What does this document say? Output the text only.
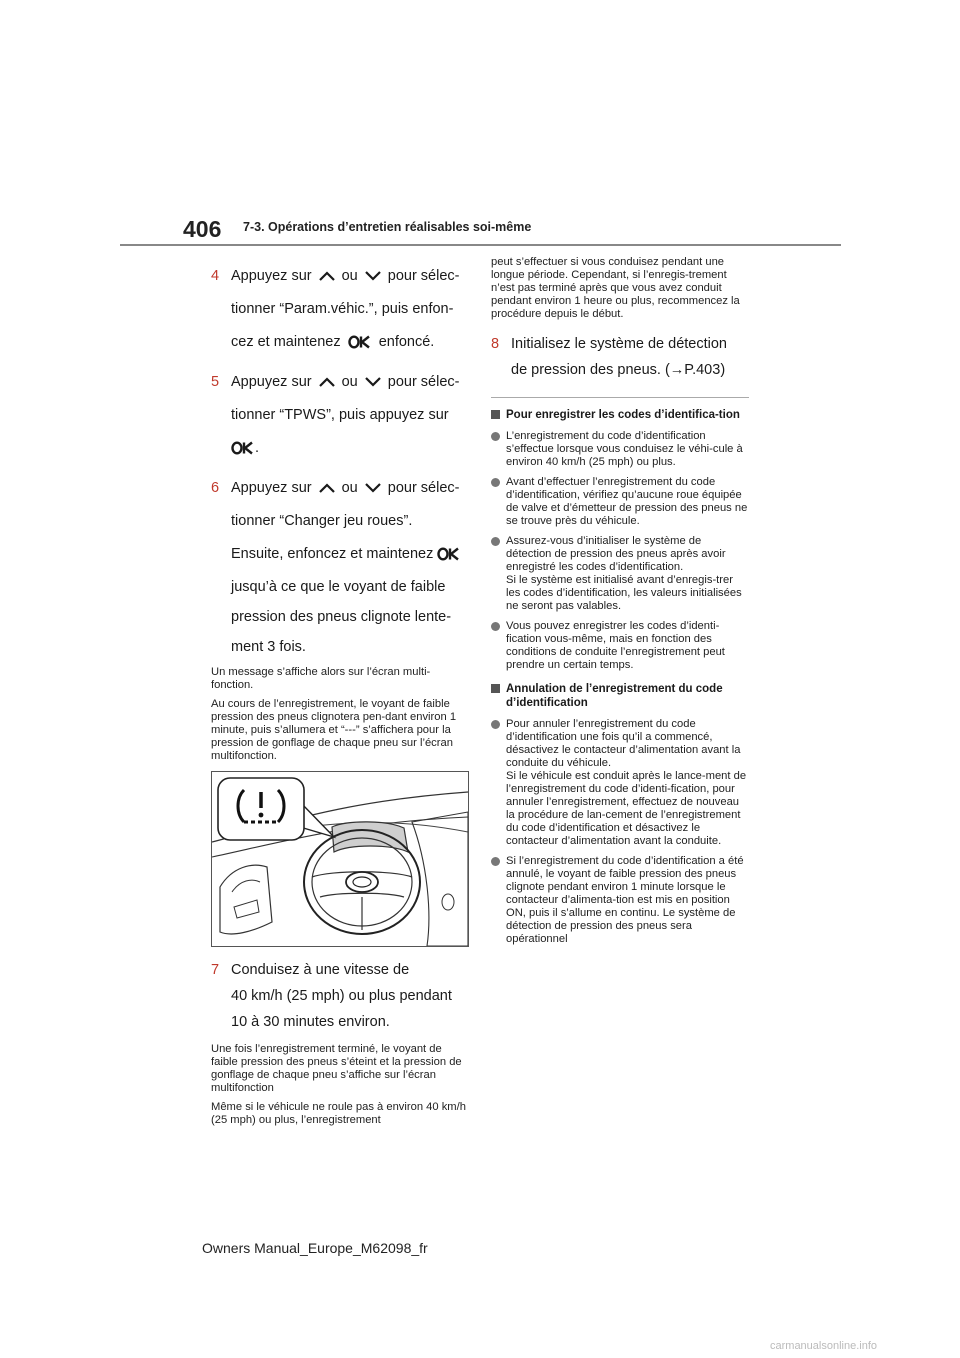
406 7-3. Opérations d’entretien réalisables soi-même
4 Appuyez sur ou pour sélec-
tionner “Param.véhic.”, puis enfon-
cez et maintenez	enfoncé.
5 Appuyez sur ou pour sélec-
tionner “TPWS”, puis appuyez sur
.
6 Appuyez sur ou pour sélec-
tionner “Changer jeu roues”.
Ensuite, enfoncez et maintenez
jusqu’à ce que le voyant de faible
pression des pneus clignote lente-
ment 3 fois.

Un message s’affiche alors sur l’écran multi-fonction.

Au cours de l’enregistrement, le voyant de faible pression des pneus clignotera pen-dant environ 1 minute, puis s’allumera et “---” s’affichera pour la pression de gonflage de chaque pneu sur l’écran multifonction.

7 Conduisez à une vitesse de
40 km/h (25 mph) ou plus pendant
10 à 30 minutes environ.

Une fois l’enregistrement terminé, le voyant de faible pression des pneus s’éteint et la pression de gonflage de chaque pneu s’affiche sur l’écran multifonction

Même si le véhicule ne roule pas à environ 40 km/h (25 mph) ou plus, l’enregistrement

peut s’effectuer si vous conduisez pendant une longue période. Cependant, si l’enregis-trement n’est pas terminé après que vous avez conduit pendant environ 1 heure ou plus, recommencez la procédure depuis le début.

8 Initialisez le système de détection
de pression des pneus. (→P.403)
Pour enregistrer les codes d’identifica-tion
L’enregistrement du code d’identification s’effectue lorsque vous conduisez le véhi-cule à environ 40 km/h (25 mph) ou plus.
Avant d’effectuer l’enregistrement du code d’identification, vérifiez qu’aucune roue équipée de valve et d’émetteur de pression des pneus ne se trouve près du véhicule.
Assurez-vous d’initialiser le système de détection de pression des pneus après avoir enregistré les codes d’identification.
Si le système est initialisé avant d’enregis-trer les codes d’identification, les valeurs initialisées ne seront pas valables.
Vous pouvez enregistrer les codes d’identi-fication vous-même, mais en fonction des conditions de conduite l’enregistrement peut prendre un certain temps.
Annulation de l’enregistrement du code d’identification
Pour annuler l’enregistrement du code d’identification une fois qu’il a commencé, désactivez le contacteur d’alimentation avant la conduite du véhicule.
Si le véhicule est conduit après le lance-ment de l’enregistrement du code d’identi-fication, pour annuler l’enregistrement, effectuez de nouveau la procédure de lan-cement de l’enregistrement du code d’identification et désactivez le contacteur d’alimentation avant la conduite.
Si l’enregistrement du code d’identification a été annulé, le voyant de faible pression des pneus clignote pendant environ 1 minute lorsque le contacteur d’alimenta-tion est mis en position ON, puis il s’allume en continu. Le système de détection de pression des pneus sera opérationnel
Owners Manual_Europe_M62098_fr
carmanualsonline.info
